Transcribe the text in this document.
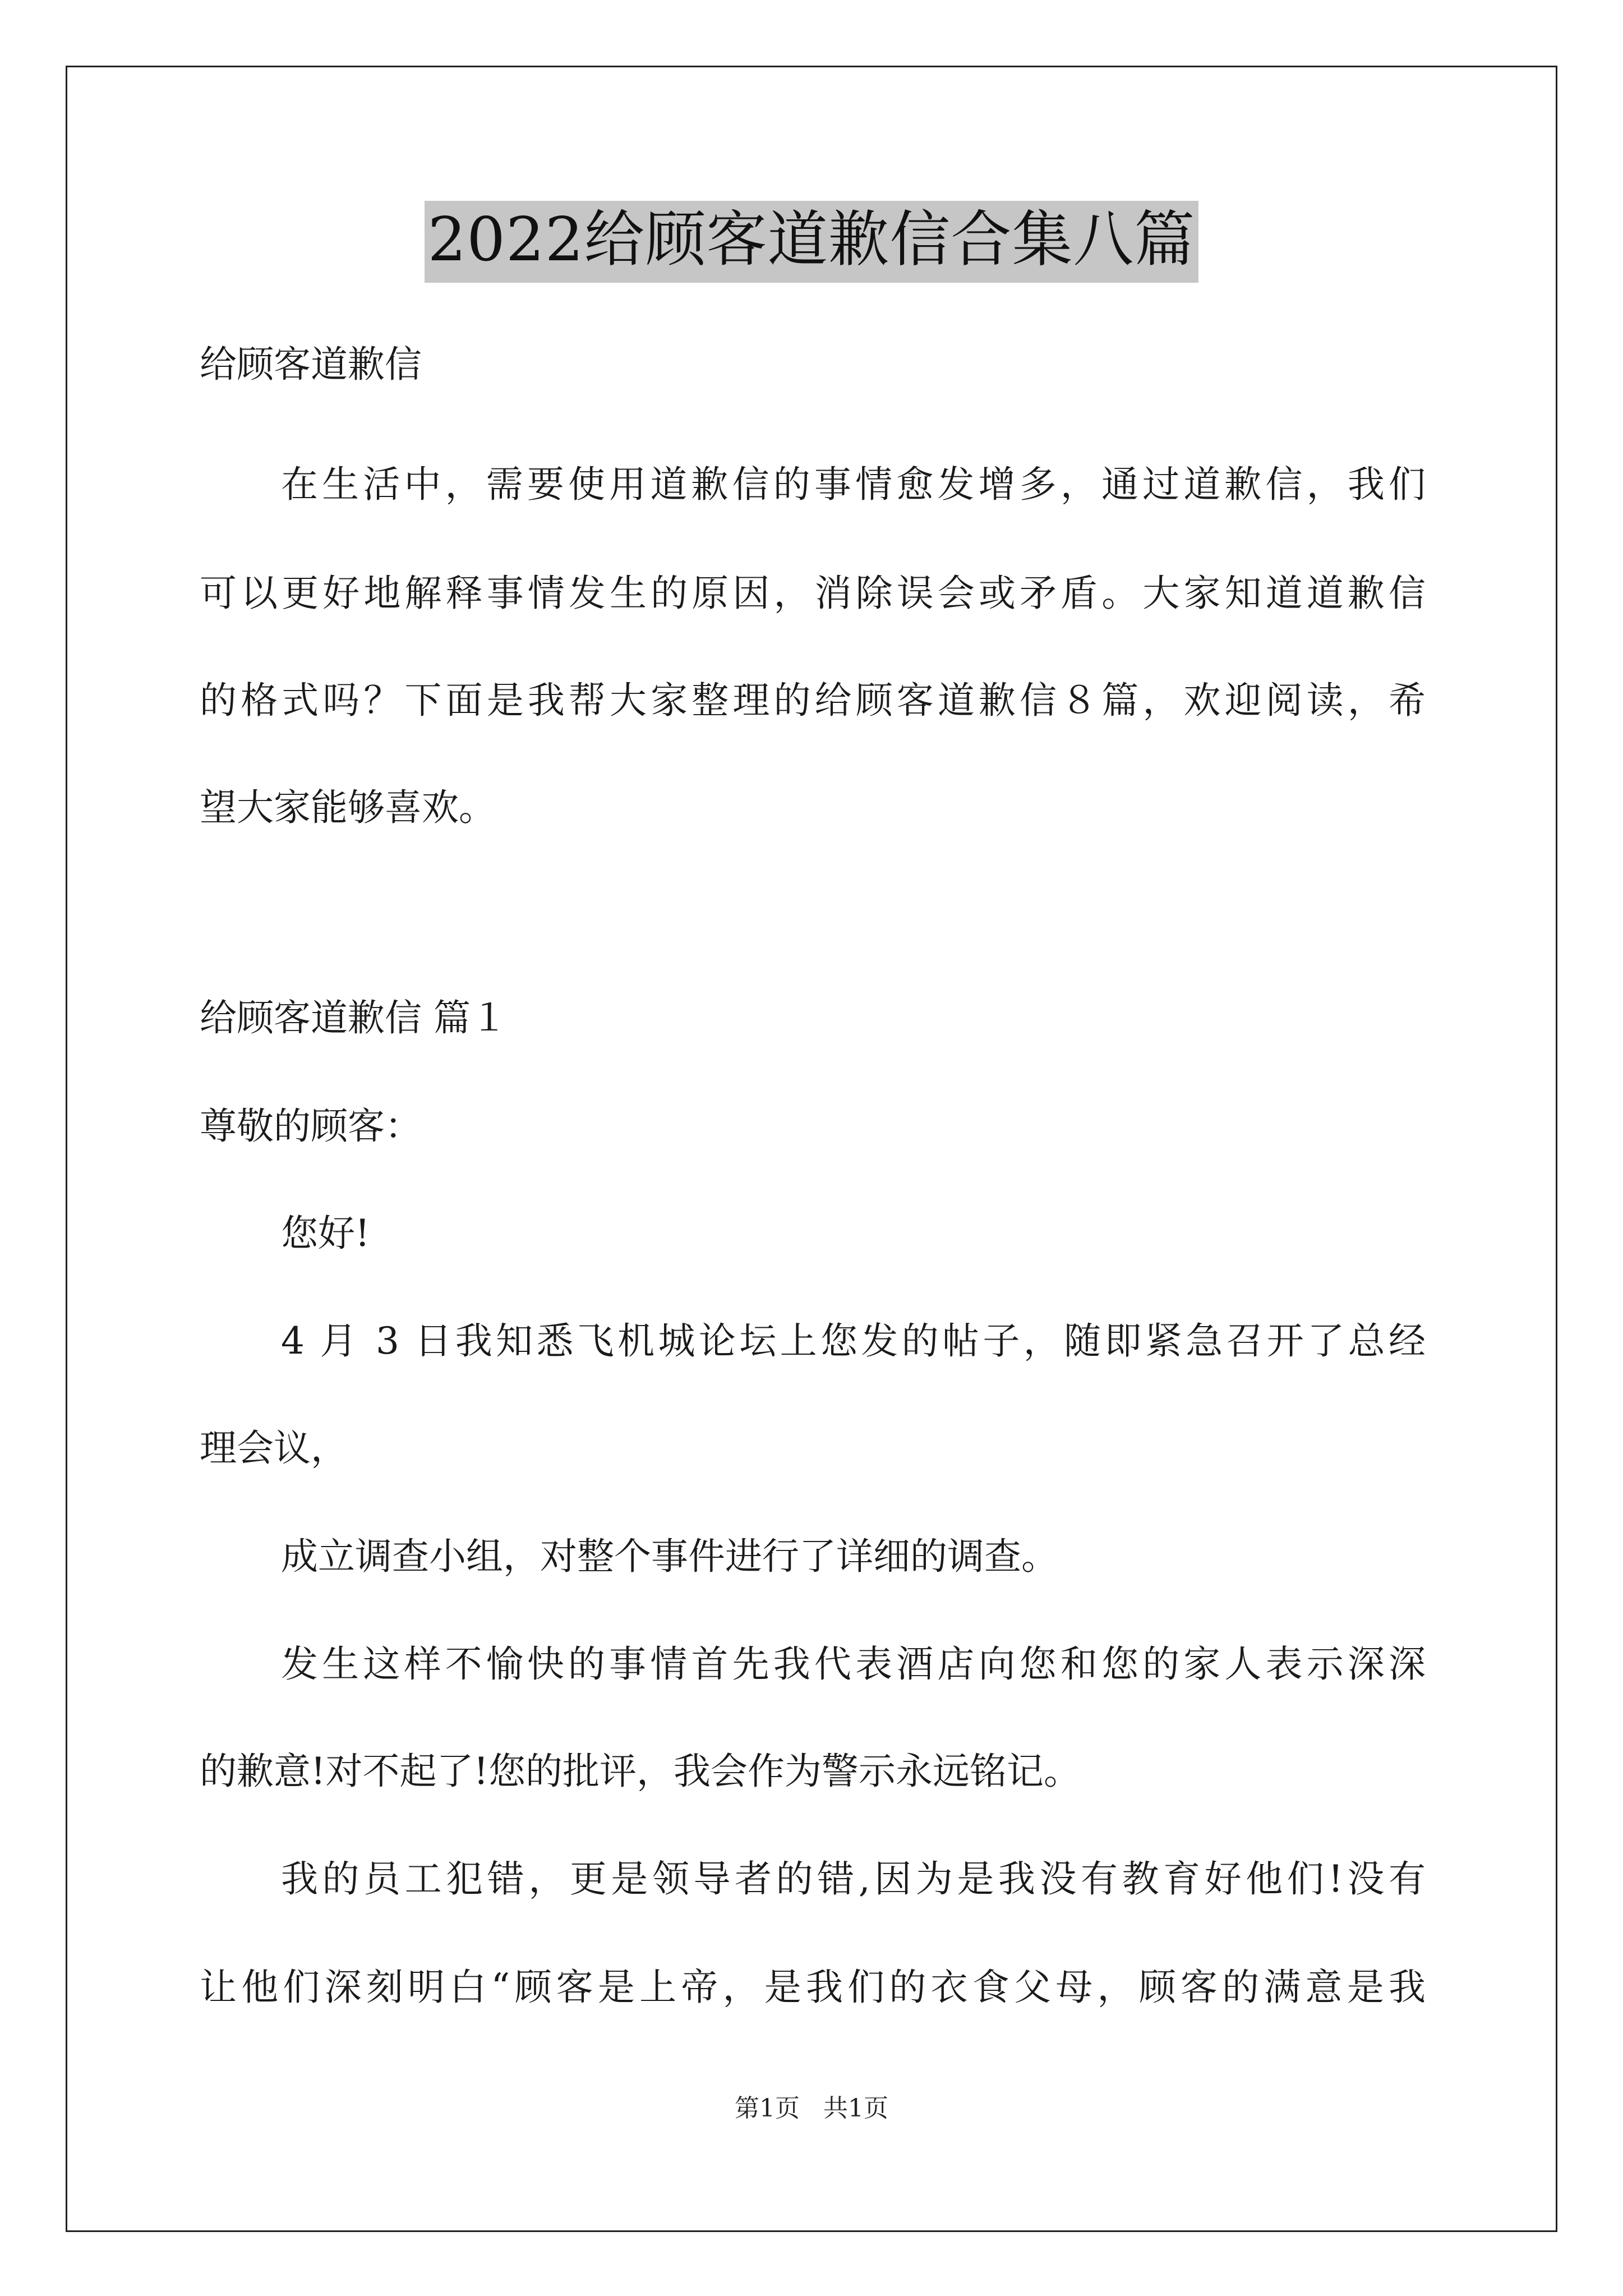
2022给顾客道歉信合集八篇
给顾客道歉信
在生活中，需要使用道歉信的事情愈发增多，通过道歉信，我们
可以更好地解释事情发生的原因，消除误会或矛盾。大家知道道歉信
的格式吗？下面是我帮大家整理的给顾客道歉信８篇，欢迎阅读，希
望大家能够喜欢。
给顾客道歉信 篇１
尊敬的顾客：
您好!
4 月 3 日我知悉飞机城论坛上您发的帖子，随即紧急召开了总经
理会议，
成立调查小组，对整个事件进行了详细的调查。
发生这样不愉快的事情首先我代表酒店向您和您的家人表示深深
的歉意!对不起了!您的批评，我会作为警示永远铭记。
我的员工犯错，更是领导者的错,因为是我没有教育好他们!没有
让他们深刻明白“顾客是上帝，是我们的衣食父母，顾客的满意是我
第1页   共1页
